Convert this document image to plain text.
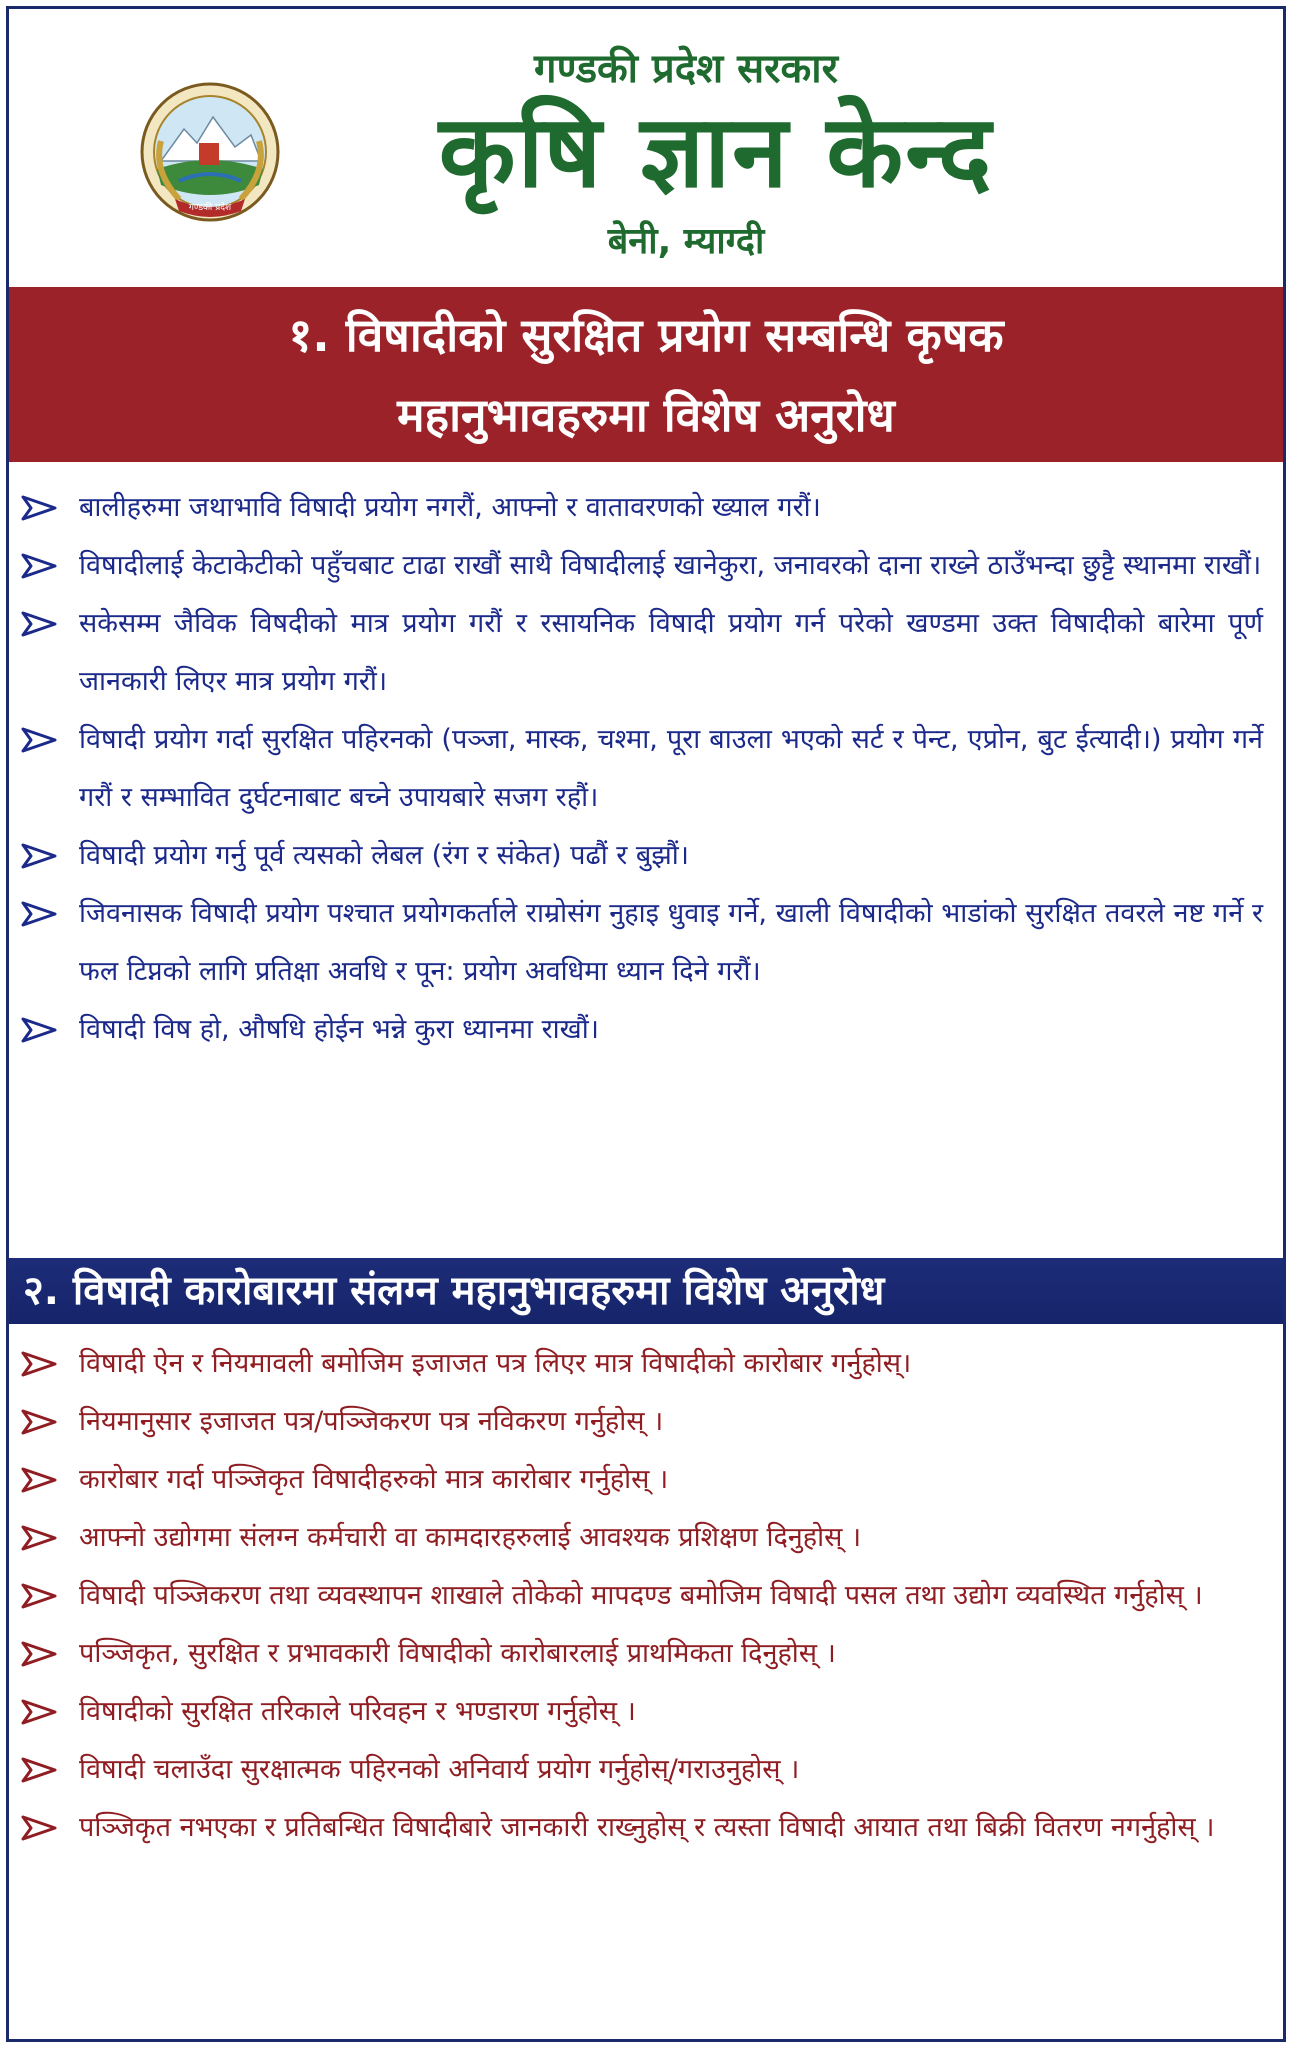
गण्डकी प्रदेश
गण्डकी प्रदेश सरकार
कृषि ज्ञान केन्द
बेनी, म्याग्दी
१. विषादीको सुरक्षित प्रयोग सम्बन्धि कृषक
महानुभावहरुमा विशेष अनुरोध
बालीहरुमा जथाभावि विषादी प्रयोग नगरौं, आफ्नो र वातावरणको ख्याल गरौं।
विषादीलाई केटाकेटीको पहुँचबाट टाढा राखौं साथै विषादीलाई खानेकुरा, जनावरको दाना राख्ने ठाउँभन्दा छुट्टै स्थानमा राखौं।
सकेसम्म जैविक विषदीको मात्र प्रयोग गरौं र रसायनिक विषादी प्रयोग गर्न परेको खण्डमा उक्त विषादीको बारेमा पूर्ण जानकारी लिएर मात्र प्रयोग गरौं।
विषादी प्रयोग गर्दा सुरक्षित पहिरनको (पञ्जा, मास्क, चश्मा, पूरा बाउला भएको सर्ट र पेन्ट, एप्रोन, बुट ईत्यादी।) प्रयोग गर्ने गरौं र सम्भावित दुर्घटनाबाट बच्ने उपायबारे सजग रहौं।
विषादी प्रयोग गर्नु पूर्व त्यसको लेबल (रंग र संकेत) पढौं र बुझौं।
जिवनासक विषादी प्रयोग पश्चात प्रयोगकर्ताले राम्रोसंग नुहाइ धुवाइ गर्ने, खाली विषादीको भाडांको सुरक्षित तवरले नष्ट गर्ने र फल टिप्नको लागि प्रतिक्षा अवधि र पून: प्रयोग अवधिमा ध्यान दिने गरौं।
विषादी विष हो, औषधि होईन भन्ने कुरा ध्यानमा राखौं।
२. विषादी कारोबारमा संलग्न महानुभावहरुमा विशेष अनुरोध
विषादी ऐन र नियमावली बमोजिम इजाजत पत्र लिएर मात्र विषादीको कारोबार गर्नुहोस्।
नियमानुसार इजाजत पत्र/पञ्जिकरण पत्र नविकरण गर्नुहोस् ।
कारोबार गर्दा पञ्जिकृत विषादीहरुको मात्र कारोबार गर्नुहोस् ।
आफ्नो उद्योगमा संलग्न कर्मचारी वा कामदारहरुलाई आवश्यक प्रशिक्षण दिनुहोस् ।
विषादी पञ्जिकरण तथा व्यवस्थापन शाखाले तोकेको मापदण्ड बमोजिम विषादी पसल तथा उद्योग व्यवस्थित गर्नुहोस् ।
पञ्जिकृत, सुरक्षित र प्रभावकारी विषादीको कारोबारलाई प्राथमिकता दिनुहोस् ।
विषादीको सुरक्षित तरिकाले परिवहन र भण्डारण गर्नुहोस् ।
विषादी चलाउँदा सुरक्षात्मक पहिरनको अनिवार्य प्रयोग गर्नुहोस्/गराउनुहोस् ।
पञ्जिकृत नभएका र प्रतिबन्धित विषादीबारे जानकारी राख्नुहोस् र त्यस्ता विषादी आयात तथा बिक्री वितरण नगर्नुहोस् ।
